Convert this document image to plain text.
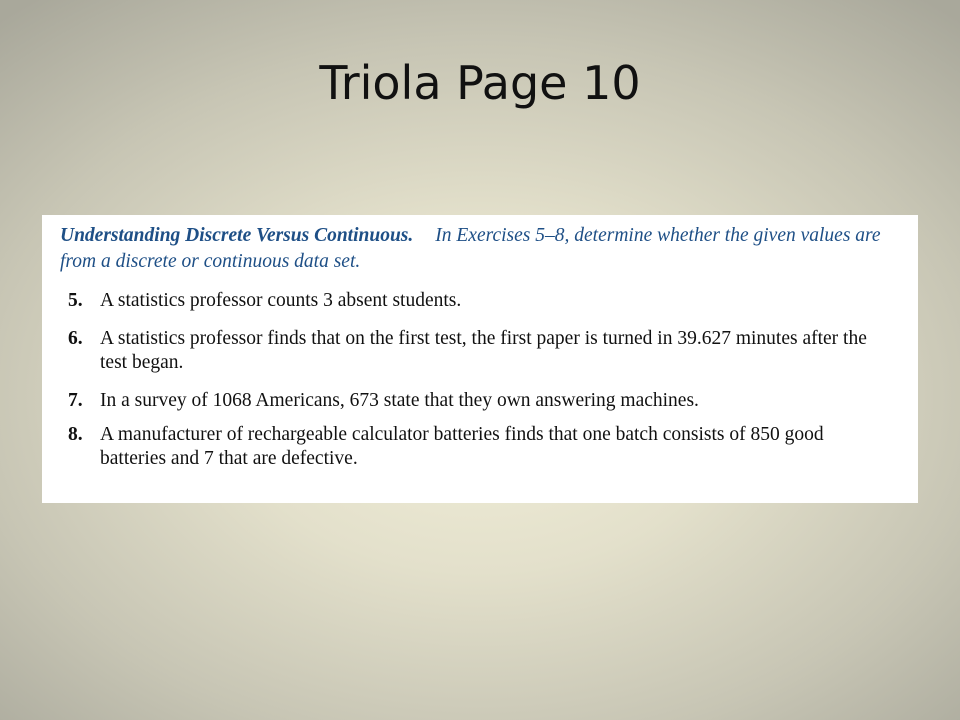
Triola Page 10

Understanding Discrete Versus Continuous. In Exercises 5–8, determine whether the given values are from a discrete or continuous data set.

5. A statistics professor counts 3 absent students.
6. A statistics professor finds that on the first test, the first paper is turned in 39.627 minutes after the test began.
7. In a survey of 1068 Americans, 673 state that they own answering machines.
8. A manufacturer of rechargeable calculator batteries finds that one batch consists of 850 good batteries and 7 that are defective.
